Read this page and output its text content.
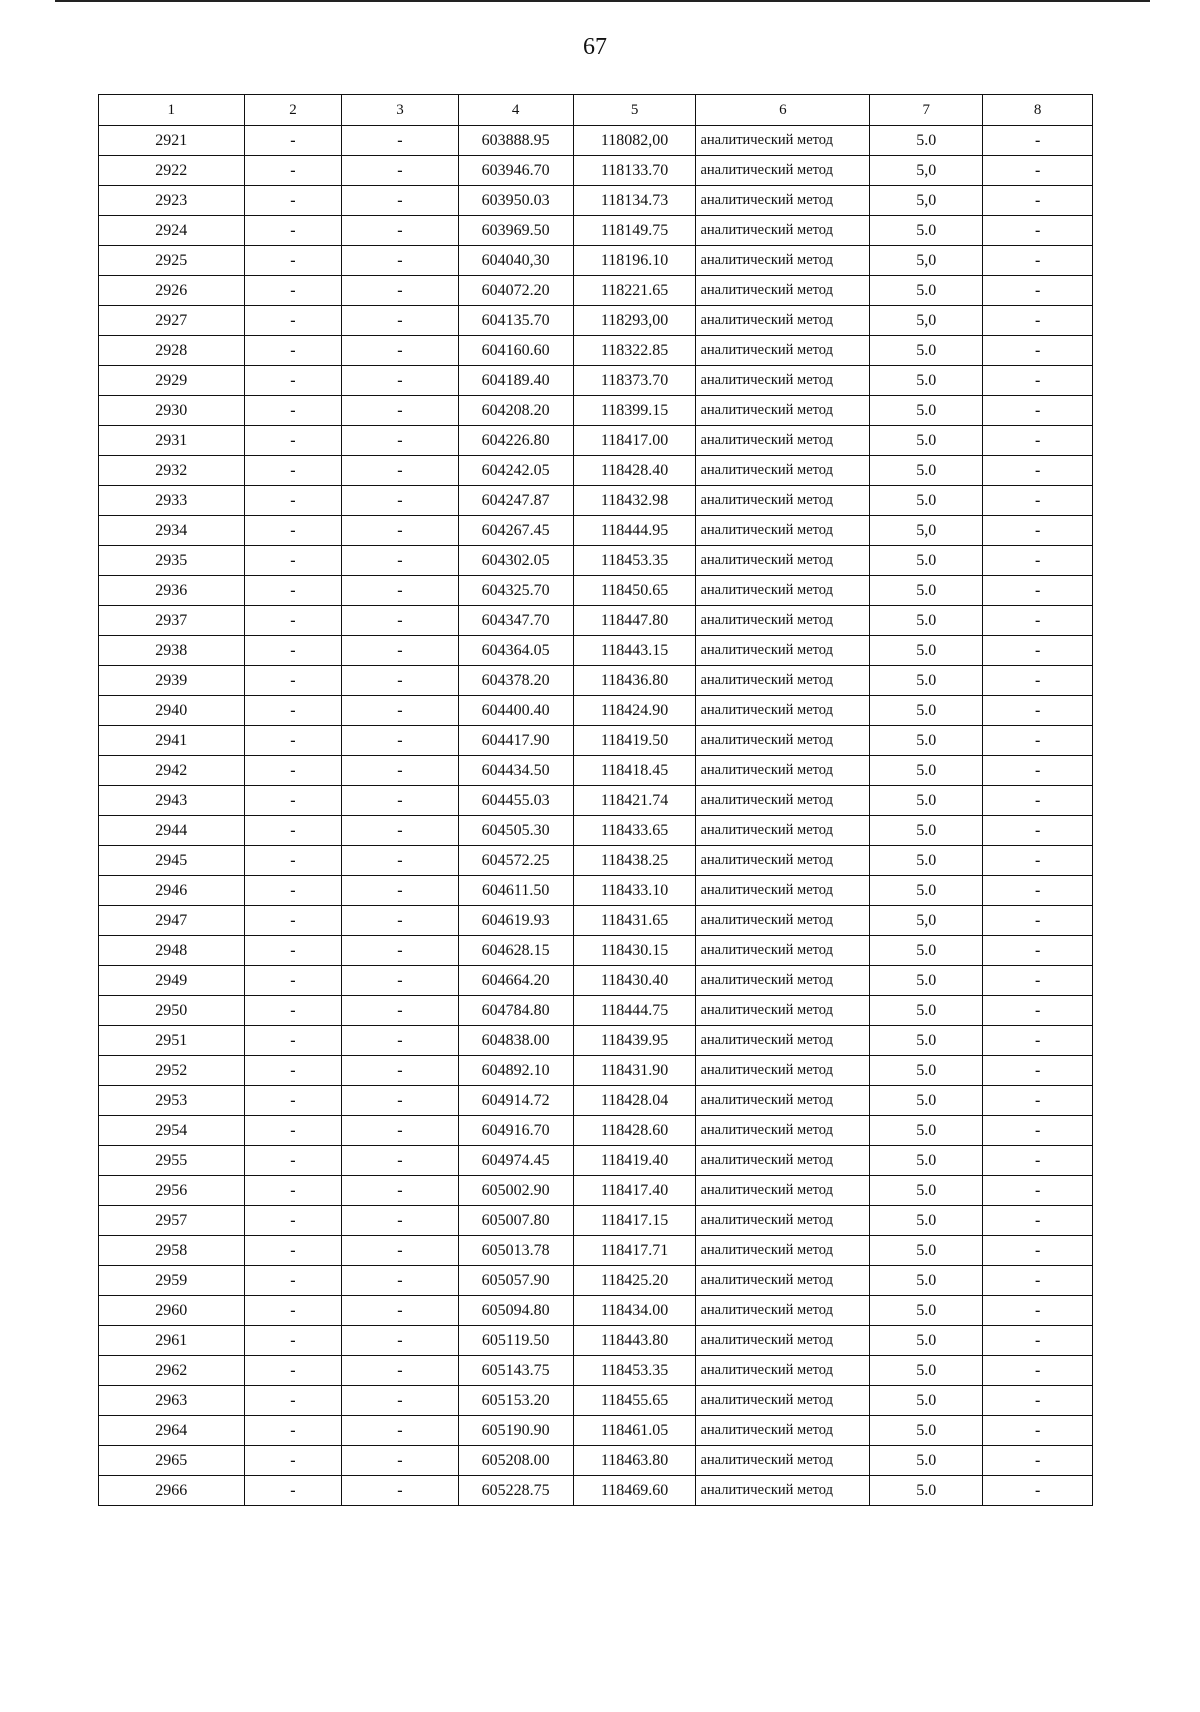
67
1	2	3	4	5	6	7	8
2921	-	-	603888.95	118082,00	аналитический метод	5.0	-
2922	-	-	603946.70	118133.70	аналитический метод	5,0	-
2923	-	-	603950.03	118134.73	аналитический метод	5,0	-
2924	-	-	603969.50	118149.75	аналитический метод	5.0	-
2925	-	-	604040,30	118196.10	аналитический метод	5,0	-
2926	-	-	604072.20	118221.65	аналитический метод	5.0	-
2927	-	-	604135.70	118293,00	аналитический метод	5,0	-
2928	-	-	604160.60	118322.85	аналитический метод	5.0	-
2929	-	-	604189.40	118373.70	аналитический метод	5.0	-
2930	-	-	604208.20	118399.15	аналитический метод	5.0	-
2931	-	-	604226.80	118417.00	аналитический метод	5.0	-
2932	-	-	604242.05	118428.40	аналитический метод	5.0	-
2933	-	-	604247.87	118432.98	аналитический метод	5.0	-
2934	-	-	604267.45	118444.95	аналитический метод	5,0	-
2935	-	-	604302.05	118453.35	аналитический метод	5.0	-
2936	-	-	604325.70	118450.65	аналитический метод	5.0	-
2937	-	-	604347.70	118447.80	аналитический метод	5.0	-
2938	-	-	604364.05	118443.15	аналитический метод	5.0	-
2939	-	-	604378.20	118436.80	аналитический метод	5.0	-
2940	-	-	604400.40	118424.90	аналитический метод	5.0	-
2941	-	-	604417.90	118419.50	аналитический метод	5.0	-
2942	-	-	604434.50	118418.45	аналитический метод	5.0	-
2943	-	-	604455.03	118421.74	аналитический метод	5.0	-
2944	-	-	604505.30	118433.65	аналитический метод	5.0	-
2945	-	-	604572.25	118438.25	аналитический метод	5.0	-
2946	-	-	604611.50	118433.10	аналитический метод	5.0	-
2947	-	-	604619.93	118431.65	аналитический метод	5,0	-
2948	-	-	604628.15	118430.15	аналитический метод	5.0	-
2949	-	-	604664.20	118430.40	аналитический метод	5.0	-
2950	-	-	604784.80	118444.75	аналитический метод	5.0	-
2951	-	-	604838.00	118439.95	аналитический метод	5.0	-
2952	-	-	604892.10	118431.90	аналитический метод	5.0	-
2953	-	-	604914.72	118428.04	аналитический метод	5.0	-
2954	-	-	604916.70	118428.60	аналитический метод	5.0	-
2955	-	-	604974.45	118419.40	аналитический метод	5.0	-
2956	-	-	605002.90	118417.40	аналитический метод	5.0	-
2957	-	-	605007.80	118417.15	аналитический метод	5.0	-
2958	-	-	605013.78	118417.71	аналитический метод	5.0	-
2959	-	-	605057.90	118425.20	аналитический метод	5.0	-
2960	-	-	605094.80	118434.00	аналитический метод	5.0	-
2961	-	-	605119.50	118443.80	аналитический метод	5.0	-
2962	-	-	605143.75	118453.35	аналитический метод	5.0	-
2963	-	-	605153.20	118455.65	аналитический метод	5.0	-
2964	-	-	605190.90	118461.05	аналитический метод	5.0	-
2965	-	-	605208.00	118463.80	аналитический метод	5.0	-
2966	-	-	605228.75	118469.60	аналитический метод	5.0	-
